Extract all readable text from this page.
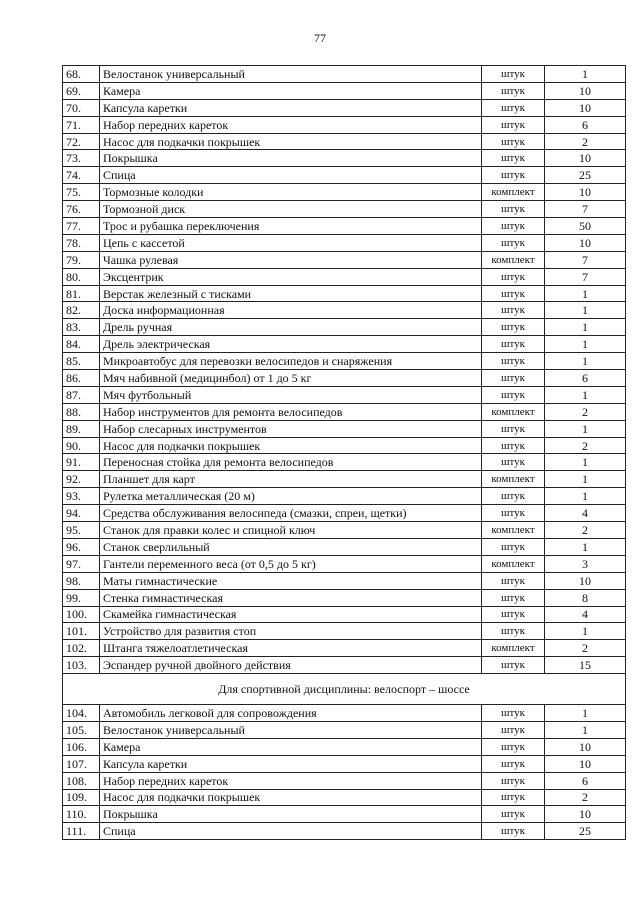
77
68.	Велостанок универсальный	штук	1
69.	Камера	штук	10
70.	Капсула каретки	штук	10
71.	Набор передних кареток	штук	6
72.	Насос для подкачки покрышек	штук	2
73.	Покрышка	штук	10
74.	Спица	штук	25
75.	Тормозные колодки	комплект	10
76.	Тормозной диск	штук	7
77.	Трос и рубашка переключения	штук	50
78.	Цепь с кассетой	штук	10
79.	Чашка рулевая	комплект	7
80.	Эксцентрик	штук	7
81.	Верстак железный с тисками	штук	1
82.	Доска информационная	штук	1
83.	Дрель ручная	штук	1
84.	Дрель электрическая	штук	1
85.	Микроавтобус для перевозки велосипедов и снаряжения	штук	1
86.	Мяч набивной (медицинбол) от 1 до 5 кг	штук	6
87.	Мяч футбольный	штук	1
88.	Набор инструментов для ремонта велосипедов	комплект	2
89.	Набор слесарных инструментов	штук	1
90.	Насос для подкачки покрышек	штук	2
91.	Переносная стойка для ремонта велосипедов	штук	1
92.	Планшет для карт	комплект	1
93.	Рулетка металлическая (20 м)	штук	1
94.	Средства обслуживания велосипеда (смазки, спреи, щетки)	штук	4
95.	Станок для правки колес и спицной ключ	комплект	2
96.	Станок сверлильный	штук	1
97.	Гантели переменного веса (от 0,5 до 5 кг)	комплект	3
98.	Маты гимнастические	штук	10
99.	Стенка гимнастическая	штук	8
100.	Скамейка гимнастическая	штук	4
101.	Устройство для развития стоп	штук	1
102.	Штанга тяжелоатлетическая	комплект	2
103.	Эспандер ручной двойного действия	штук	15
Для спортивной дисциплины: велоспорт – шоссе			
104.	Автомобиль легковой для сопровождения	штук	1
105.	Велостанок универсальный	штук	1
106.	Камера	штук	10
107.	Капсула каретки	штук	10
108.	Набор передних кареток	штук	6
109.	Насос для подкачки покрышек	штук	2
110.	Покрышка	штук	10
111.	Спица	штук	25
